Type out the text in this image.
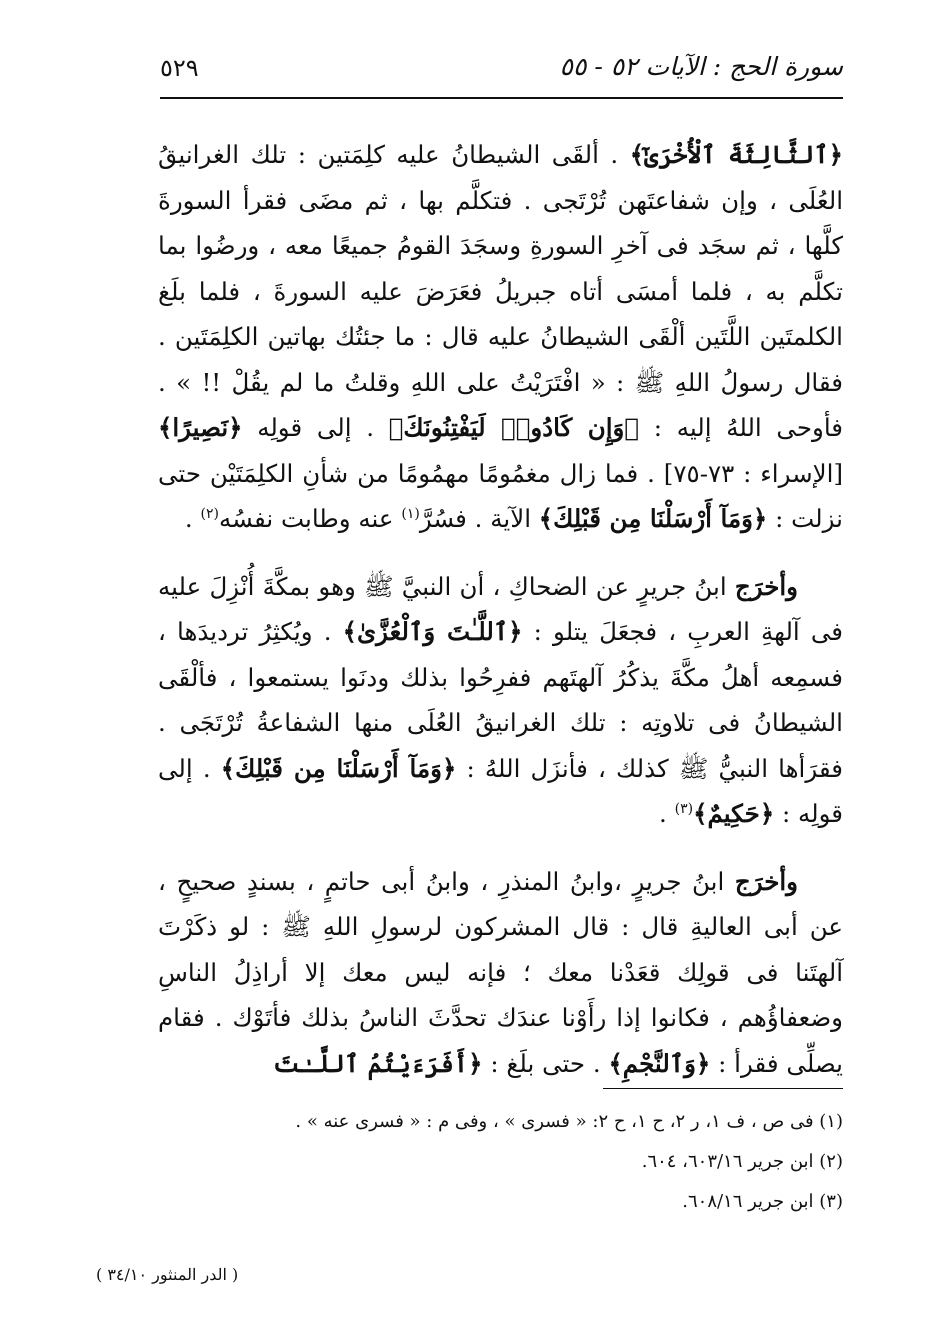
سورة الحج : الآيات ٥٢ - ٥٥
٥٢٩

﴿ٱلثَّالِثَةَ ٱلْأُخْرَىٰٓ﴾ . ألقَى الشيطانُ عليه كلِمَتين : تلك الغرانيقُ العُلَى ، وإن شفاعتَهن تُرْتَجى . فتكلَّم بها ، ثم مضَى فقرأ السورةَ كلَّها ، ثم سجَد فى آخرِ السورةِ وسجَدَ القومُ جميعًا معه ، ورضُوا بما تكلَّم به ، فلما أمسَى أتاه جبريلُ فعَرَضَ عليه السورةَ ، فلما بلَغ الكلمتَين اللَّتَين ألْقَى الشيطانُ عليه قال : ما جئتُك بهاتين الكلِمَتَين . فقال رسولُ اللهِ ﷺ : « افْتَرَيْتُ على اللهِ وقلتُ ما لم يقُلْ !! » . فأوحى اللهُ إليه : ﴿وَإِن كَادُوا۟ لَيَفْتِنُونَكَ﴾ . إلى قولِه ﴿نَصِيرًا﴾ [الإسراء : ٧٣-٧٥] . فما زال مغمُومًا مهمُومًا من شأنِ الكلِمَتَيْن حتى نزلت : ﴿وَمَآ أَرْسَلْنَا مِن قَبْلِكَ﴾ الآية . فسُرَّ$^{(١)}$ عنه وطابت نفسُه$^{(٢)}$ .

وأخرَج ابنُ جريرٍ عن الضحاكِ ، أن النبيَّ ﷺ وهو بمكَّةَ أُنْزِلَ عليه فى آلهةِ العربِ ، فجعَلَ يتلو : ﴿ٱللَّـٰتَ وَٱلْعُزَّىٰ﴾ . ويُكثِرُ ترديدَها ، فسمِعه أهلُ مكَّةَ يذكُرُ آلهتَهم ففرِحُوا بذلك ودنَوا يستمعوا ، فألْقَى الشيطانُ فى تلاوتِه : تلك الغرانيقُ العُلَى منها الشفاعةُ تُرْتَجَى . فقرَأها النبيُّ ﷺ كذلك ، فأنزَل اللهُ : ﴿وَمَآ أَرْسَلْنَا مِن قَبْلِكَ﴾ . إلى قولِه : ﴿حَكِيمٌ﴾$^{(٣)}$ .

وأخرَج ابنُ جريرٍ ،وابنُ المنذرِ ، وابنُ أبى حاتمٍ ، بسندٍ صحيحٍ ، عن أبى العاليةِ قال : قال المشركون لرسولِ اللهِ ﷺ : لو ذكَرْتَ آلهتَنا فى قولِك قعَدْنا معك ؛ فإنه ليس معك إلا أراذِلُ الناسِ وضعفاؤُهم ، فكانوا إذا رأَوْنا عندَك تحدَّثَ الناسُ بذلك فأتَوْك . فقام يصلِّى فقرأ : ﴿وَٱلنَّجْمِ﴾ . حتى بلَغ : ﴿أَفَرَءَيْتُمُ ٱللَّـٰتَ

(١) فى ص ، ف ١، ر ٢، ح ١، ح ٢: « فسرى » ، وفى م : « فسرى عنه » .

(٢) ابن جرير ٦٠٣/١٦، ٦٠٤.

(٣) ابن جرير ٦٠٨/١٦.

( الدر المنثور ٣٤/١٠ )
